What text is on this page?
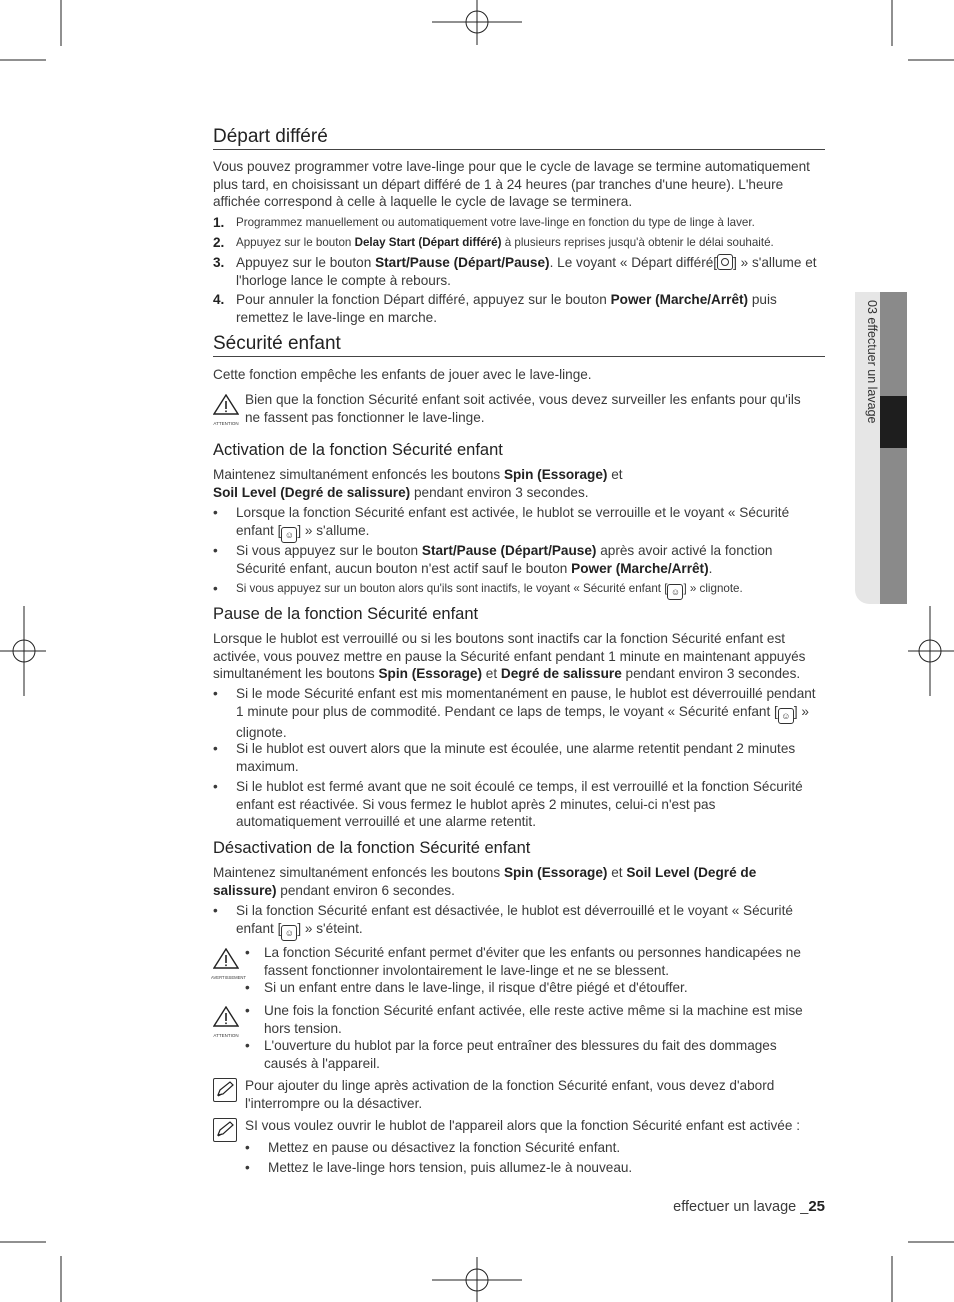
03 effectuer un lavage
Départ différé

Vous pouvez programmer votre lave-linge pour que le cycle de lavage se termine automatiquement plus tard, en choisissant un départ différé de 1 à 24 heures (par tranches d'une heure). L'heure affichée correspond à celle à laquelle le cycle de lavage se terminera.

1. Programmez manuellement ou automatiquement votre lave-linge en fonction du type de linge à laver.
2. Appuyez sur le bouton Delay Start (Départ différé) à plusieurs reprises jusqu'à obtenir le délai souhaité.
3. Appuyez sur le bouton Start/Pause (Départ/Pause). Le voyant « Départ différé[ ] » s'allume et l'horloge lance le compte à rebours.
4. Pour annuler la fonction Départ différé, appuyez sur le bouton Power (Marche/Arrêt) puis remettez le lave-linge en marche.
Sécurité enfant

Cette fonction empêche les enfants de jouer avec le lave-linge.

ATTENTION

Bien que la fonction Sécurité enfant soit activée, vous devez surveiller les enfants pour qu'ils ne fassent pas fonctionner le lave-linge.

Activation de la fonction Sécurité enfant

Maintenez simultanément enfoncés les boutons Spin (Essorage) et
Soil Level (Degré de salissure) pendant environ 3 secondes.

• Lorsque la fonction Sécurité enfant est activée, le hublot se verrouille et le voyant « Sécurité enfant [ ☺ ] » s'allume.
• Si vous appuyez sur le bouton Start/Pause (Départ/Pause) après avoir activé la fonction Sécurité enfant, aucun bouton n'est actif sauf le bouton Power (Marche/Arrêt).
• Si vous appuyez sur un bouton alors qu'ils sont inactifs, le voyant « Sécurité enfant [ ☺ ] » clignote.
Pause de la fonction Sécurité enfant

Lorsque le hublot est verrouillé ou si les boutons sont inactifs car la fonction Sécurité enfant est activée, vous pouvez mettre en pause la Sécurité enfant pendant 1 minute en maintenant appuyés simultanément les boutons Spin (Essorage) et Degré de salissure pendant environ 3 secondes.

• Si le mode Sécurité enfant est mis momentanément en pause, le hublot est déverrouillé pendant 1 minute pour plus de commodité. Pendant ce laps de temps, le voyant « Sécurité enfant [ ☺ ] » clignote.
• Si le hublot est ouvert alors que la minute est écoulée, une alarme retentit pendant 2 minutes maximum.
• Si le hublot est fermé avant que ne soit écoulé ce temps, il est verrouillé et la fonction Sécurité enfant est réactivée. Si vous fermez le hublot après 2 minutes, celui-ci n'est pas automatiquement verrouillé et une alarme retentit.
Désactivation de la fonction Sécurité enfant

Maintenez simultanément enfoncés les boutons Spin (Essorage) et Soil Level (Degré de salissure) pendant environ 6 secondes.

• Si la fonction Sécurité enfant est désactivée, le hublot est déverrouillé et le voyant « Sécurité enfant [ ☺ ] » s'éteint.
AVERTISSEMENT
• La fonction Sécurité enfant permet d'éviter que les enfants ou personnes handicapées ne fassent fonctionner involontairement le lave-linge et ne se blessent.
• Si un enfant entre dans le lave-linge, il risque d'être piégé et d'étouffer.
ATTENTION
• Une fois la fonction Sécurité enfant activée, elle reste active même si la machine est mise hors tension.
• L'ouverture du hublot par la force peut entraîner des blessures du fait des dommages causés à l'appareil.

Pour ajouter du linge après activation de la fonction Sécurité enfant, vous devez d'abord l'interrompre ou la désactiver.

SI vous voulez ouvrir le hublot de l'appareil alors que la fonction Sécurité enfant est activée :

• Mettez en pause ou désactivez la fonction Sécurité enfant.
• Mettez le lave-linge hors tension, puis allumez-le à nouveau.
effectuer un lavage _25
